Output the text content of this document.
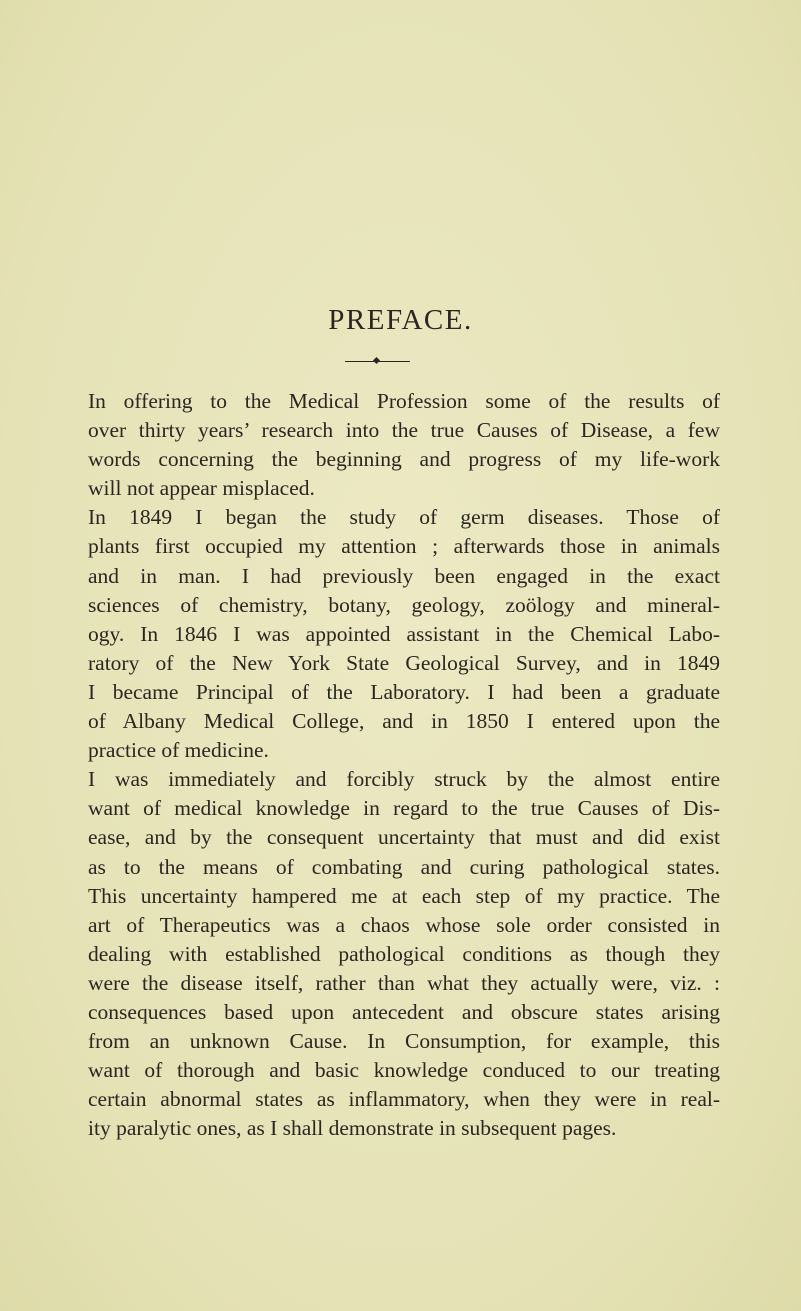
PREFACE.
In offering to the Medical Profession some of the results of
over thirty years’ research into the true Causes of Disease, a few
words concerning the beginning and progress of my life-work
will not appear misplaced.
In 1849 I began the study of germ diseases. Those of
plants first occupied my attention ; afterwards those in animals
and in man. I had previously been engaged in the exact
sciences of chemistry, botany, geology, zoölogy and mineral-
ogy. In 1846 I was appointed assistant in the Chemical Labo-
ratory of the New York State Geological Survey, and in 1849
I became Principal of the Laboratory. I had been a graduate
of Albany Medical College, and in 1850 I entered upon the
practice of medicine.
I was immediately and forcibly struck by the almost entire
want of medical knowledge in regard to the true Causes of Dis-
ease, and by the consequent uncertainty that must and did exist
as to the means of combating and curing pathological states.
This uncertainty hampered me at each step of my practice. The
art of Therapeutics was a chaos whose sole order consisted in
dealing with established pathological conditions as though they
were the disease itself, rather than what they actually were, viz. :
consequences based upon antecedent and obscure states arising
from an unknown Cause. In Consumption, for example, this
want of thorough and basic knowledge conduced to our treating
certain abnormal states as inflammatory, when they were in real-
ity paralytic ones, as I shall demonstrate in subsequent pages.
